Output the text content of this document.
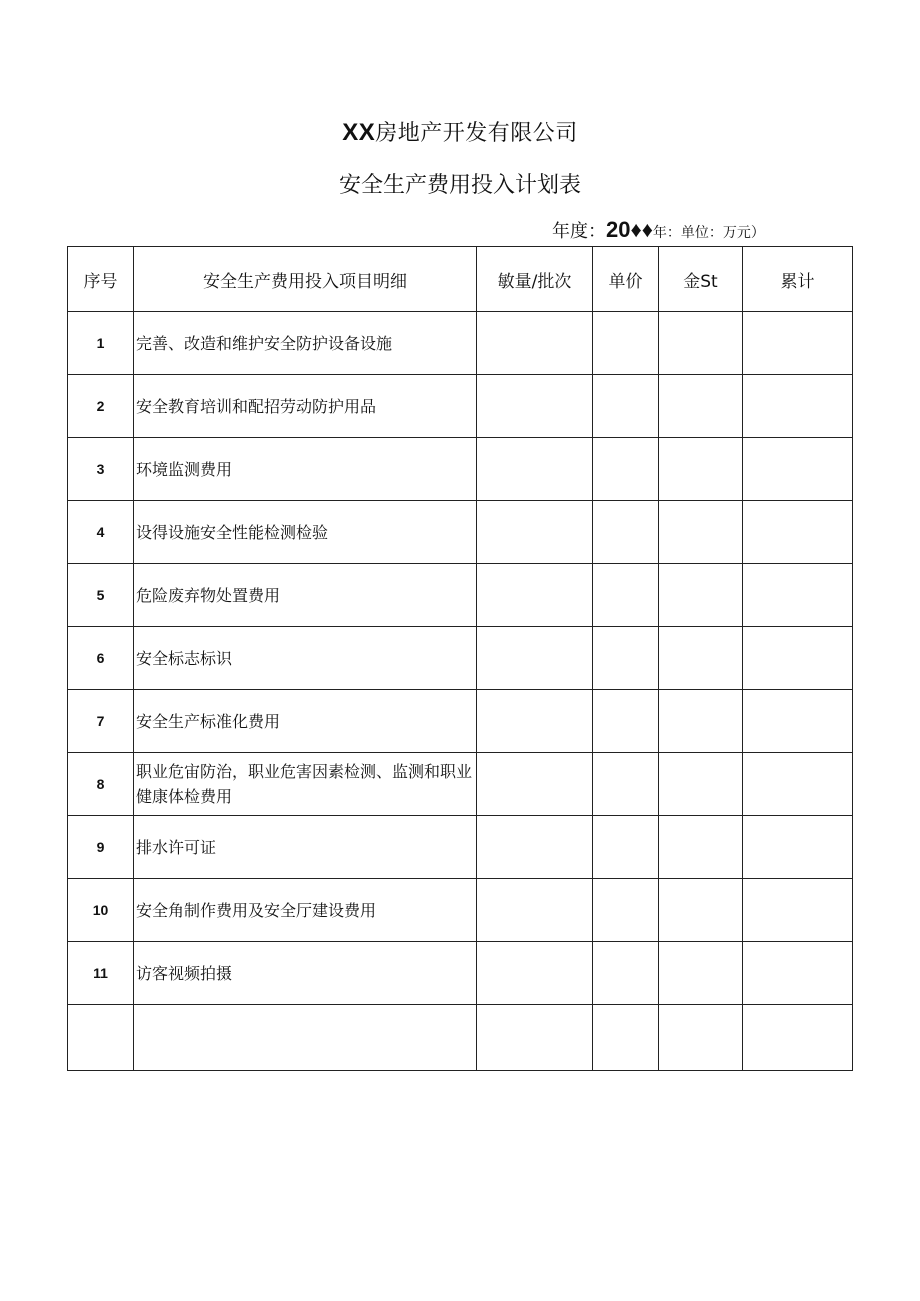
XX房地产开发有限公司
安全生产费用投入计划表
年度：20♦♦年：单位：万元）
序号	安全生产费用投入项目明细	敏量/批次	单价	金St	累计
1	完善、改造和维护安全防护设备设施				
2	安全教育培训和配招劳动防护用品				
3	环境监测费用				
4	设得设施安全性能检测检验				
5	危险废弃物处置费用				
6	安全标志标识				
7	安全生产标准化费用				
8	职业危宙防治，职业危害因素检测、监测和职业健康体检费用				
9	排水许可证				
10	安全角制作费用及安全厅建设费用				
11	访客视频拍摄				
